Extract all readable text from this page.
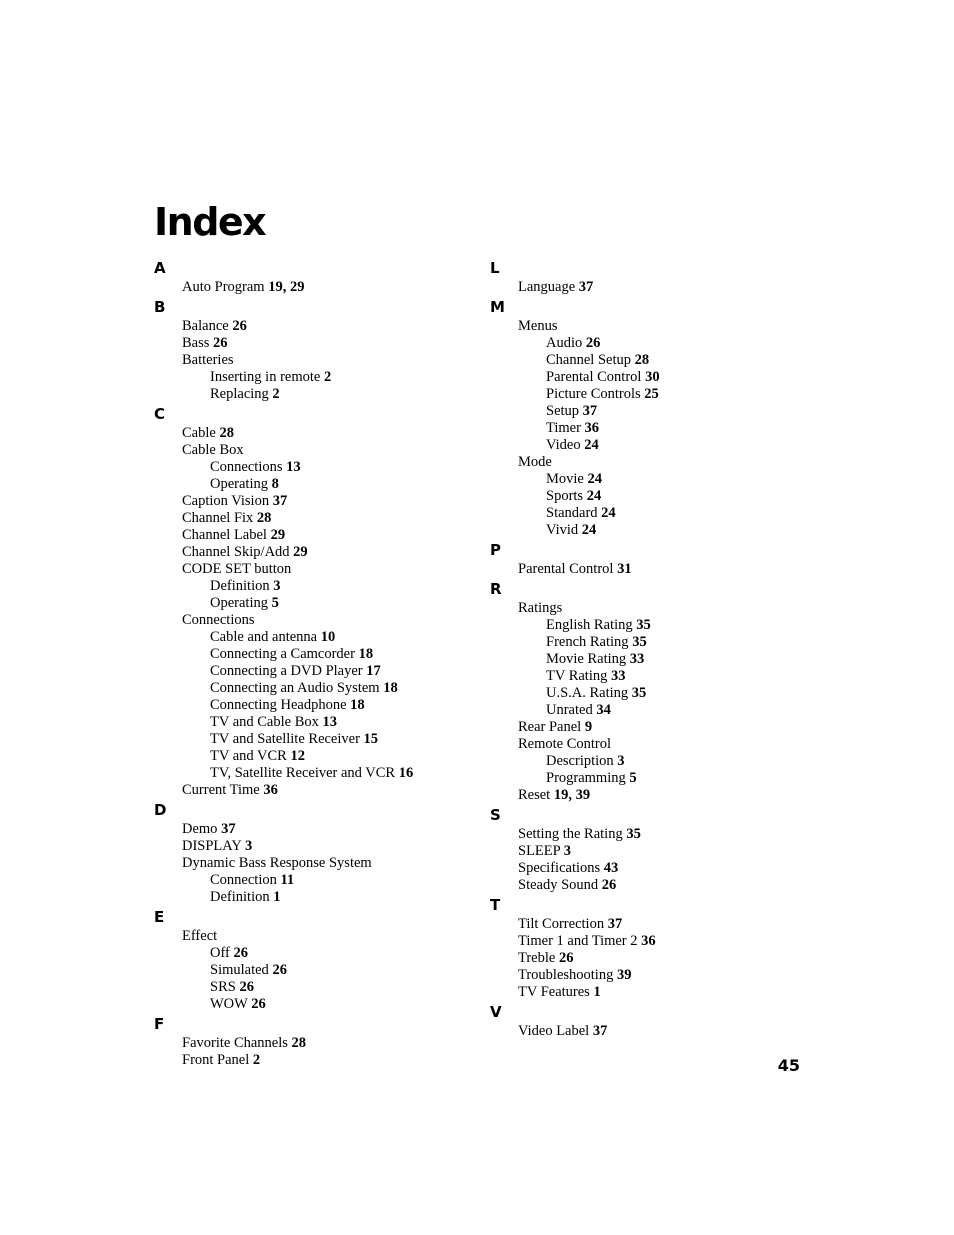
Index
A
Auto Program 19, 29
B
Balance 26
Bass 26
Batteries
Inserting in remote 2
Replacing 2
C
Cable 28
Cable Box
Connections 13
Operating 8
Caption Vision 37
Channel Fix 28
Channel Label 29
Channel Skip/Add 29
CODE SET button
Definition 3
Operating 5
Connections
Cable and antenna 10
Connecting a Camcorder 18
Connecting a DVD Player 17
Connecting an Audio System 18
Connecting Headphone 18
TV and Cable Box 13
TV and Satellite Receiver 15
TV and VCR 12
TV, Satellite Receiver and VCR 16
Current Time 36
D
Demo 37
DISPLAY 3
Dynamic Bass Response System
Connection 11
Definition 1
E
Effect
Off 26
Simulated 26
SRS 26
WOW 26
F
Favorite Channels 28
Front Panel 2
L
Language 37
M
Menus
Audio 26
Channel Setup 28
Parental Control 30
Picture Controls 25
Setup 37
Timer 36
Video 24
Mode
Movie 24
Sports 24
Standard 24
Vivid 24
P
Parental Control 31
R
Ratings
English Rating 35
French Rating 35
Movie Rating 33
TV Rating 33
U.S.A. Rating 35
Unrated 34
Rear Panel 9
Remote Control
Description 3
Programming 5
Reset 19, 39
S
Setting the Rating 35
SLEEP 3
Specifications 43
Steady Sound 26
T
Tilt Correction 37
Timer 1 and Timer 2 36
Treble 26
Troubleshooting 39
TV Features 1
V
Video Label 37
45
